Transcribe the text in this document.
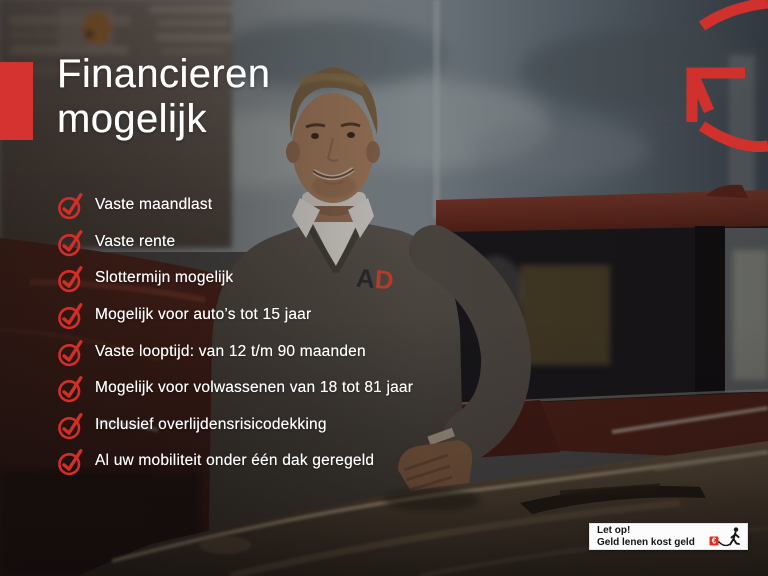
AD
Financieren
mogelijk
Vaste maandlast
Vaste rente
Slottermijn mogelijk
Mogelijk voor auto’s tot 15 jaar
Vaste looptijd: van 12 t/m 90 maanden
Mogelijk voor volwassenen van 18 tot 81 jaar
Inclusief overlijdensrisicodekking
Al uw mobiliteit onder één dak geregeld
Let op!
Geld lenen kost geld	€
